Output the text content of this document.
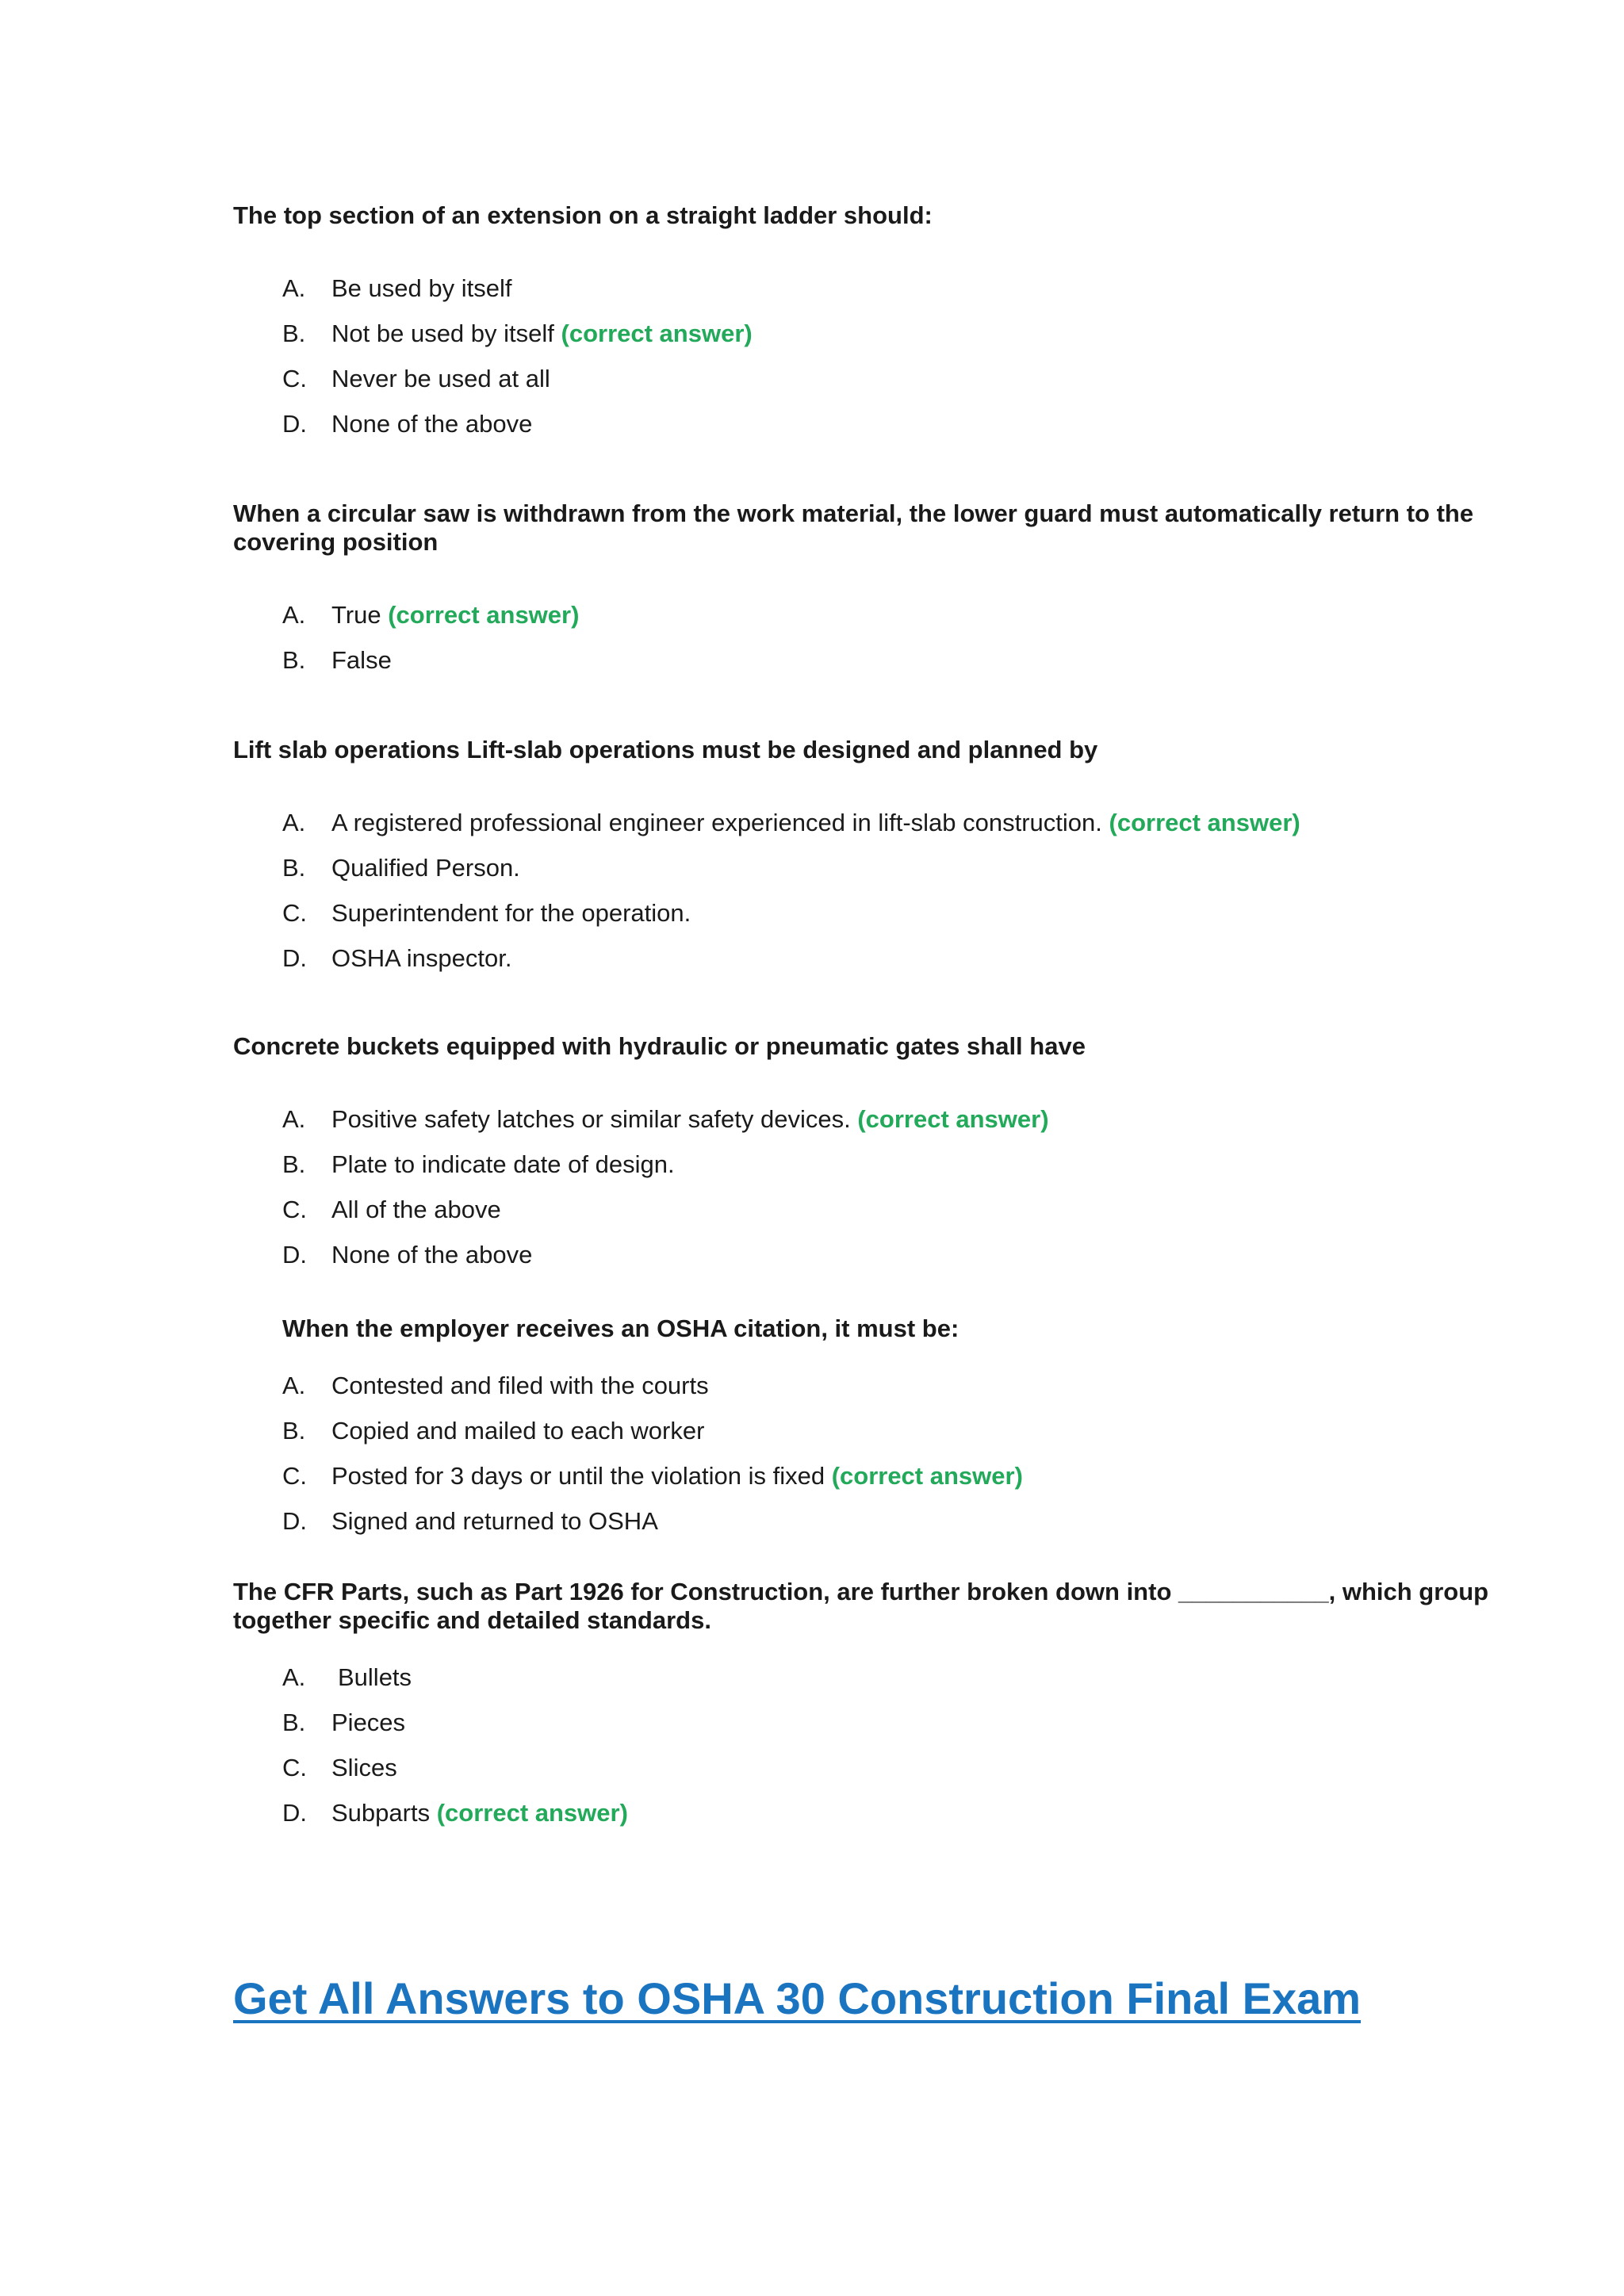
The top section of an extension on a straight ladder should:

A. Be used by itself
B. Not be used by itself (correct answer)
C. Never be used at all
D. None of the above

When a circular saw is withdrawn from the work material, the lower guard must automatically return to the covering position

A. True (correct answer)
B. False

Lift slab operations Lift-slab operations must be designed and planned by

A. A registered professional engineer experienced in lift-slab construction. (correct answer)
B. Qualified Person.
C. Superintendent for the operation.
D. OSHA inspector.

Concrete buckets equipped with hydraulic or pneumatic gates shall have

A. Positive safety latches or similar safety devices. (correct answer)
B. Plate to indicate date of design.
C. All of the above
D. None of the above

When the employer receives an OSHA citation, it must be:

A. Contested and filed with the courts
B. Copied and mailed to each worker
C. Posted for 3 days or until the violation is fixed (correct answer)
D. Signed and returned to OSHA

The CFR Parts, such as Part 1926 for Construction, are further broken down into ___________, which group together specific and detailed standards.

A. Bullets
B. Pieces
C. Slices
D. Subparts (correct answer)
Get All Answers to OSHA 30 Construction Final Exam
